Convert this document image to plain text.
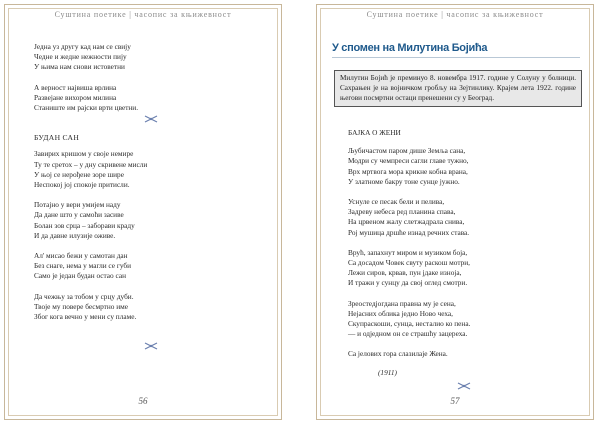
Суштина поетике | часопис за књижевност
Једна уз другу кад нам се свију
Чедне и жедне нежности пију
У њима нам снови истоветни
А верност највиша врлина
Развејане вихором милина
Станиште им рајски врти цветни.
БУДАН САН
Завирих кришом у своје немире
Ту те сретох – у дну скривене мисли
У њој се нерођене зоре шире
Неспокој јој спокоје притисли.
Потајно у вери умијем наду
Да дане што у самоћи засиве
Болан зов срца – заборави краду
И да давне илузије оживе.
Ал' мисао бежи у самотан дан
Без снаге, нема у магли се губи
Само је један будан остао сан
Да чежњу за тобом у срцу дуби.
Твоје му повере бесмртно име
Због кога вечно у мени су пламе.
56
Суштина поетике | часопис за књижевност
У спомен на Милутина Бојића
Милутин Бојић је преминуо 8. новембра 1917. године у Солуну у болници. Сахрањен је на војничком гробљу на Зејтинлику. Крајем лета 1922. године његови посмртни остаци пренешени су у Београд.
БАЈКА О ЖЕНИ
Љубичастом паром дише Земља сана,
Модри су чемпреси сагли главе тужно,
Врх мртвога мора крикне кобна врана,
У златноме бакру тоне сунце јужно.
Уснуле се песак бели и пелива,
Задреву небеса ред планина спава,
На црвеном жалу слетжадрала снива,
Рој мушица дршће изнад речних става.
Врућ, запахнут миром и музиком боја,
Са досадом Човек свуту раскош мотри,
Лежи сиров, крвав, пун јдаке изноја,
И тражи у сунцу да свој оглед смотри.
Зреостедјогдана правна му је сена,
Нејасних облика једно Ново чеха,
Скупраскоши, сунца, несталио ко пена.
— и одједном он се страшћу зацереха.
Са јелових гора слазилаје Жена.
(1911)
57
